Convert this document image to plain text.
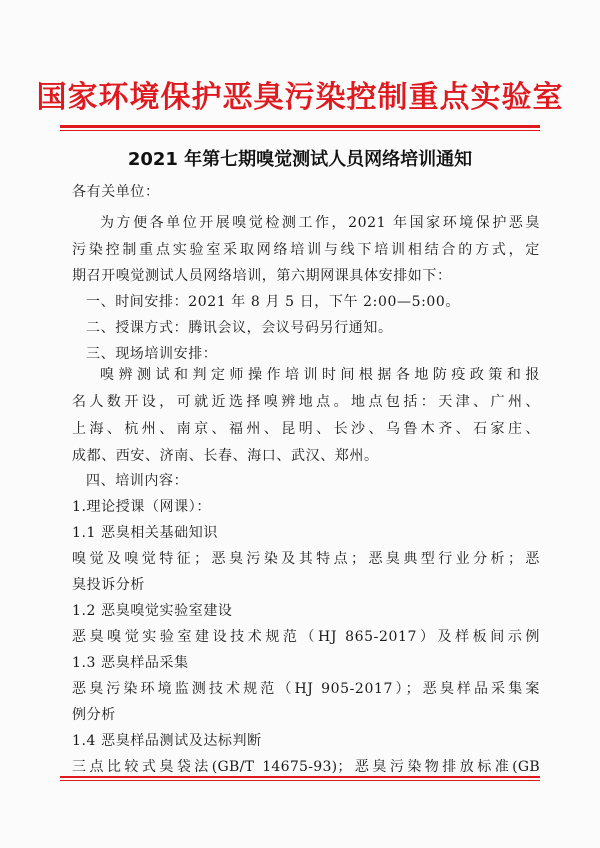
国家环境保护恶臭污染控制重点实验室
2021 年第七期嗅觉测试人员网络培训通知
各有关单位：
为方便各单位开展嗅觉检测工作，2021 年国家环境保护恶臭
污染控制重点实验室采取网络培训与线下培训相结合的方式，定
期召开嗅觉测试人员网络培训，第六期网课具体安排如下：
一、时间安排：2021 年 8 月 5 日，下午 2:00—5:00。
二、授课方式：腾讯会议，会议号码另行通知。
三、现场培训安排：
嗅辨测试和判定师操作培训时间根据各地防疫政策和报
名人数开设，可就近选择嗅辨地点。地点包括：天津、广州、
上海、杭州、南京、福州、昆明、长沙、乌鲁木齐、石家庄、
成都、西安、济南、长春、海口、武汉、郑州。
四、培训内容：
1.理论授课（网课）：
1.1 恶臭相关基础知识
嗅觉及嗅觉特征；恶臭污染及其特点；恶臭典型行业分析；恶
臭投诉分析
1.2 恶臭嗅觉实验室建设
恶臭嗅觉实验室建设技术规范（HJ 865-2017）及样板间示例
1.3 恶臭样品采集
恶臭污染环境监测技术规范（HJ 905-2017）；恶臭样品采集案
例分析
1.4 恶臭样品测试及达标判断
三点比较式臭袋法(GB/T 14675-93)；恶臭污染物排放标准(GB
